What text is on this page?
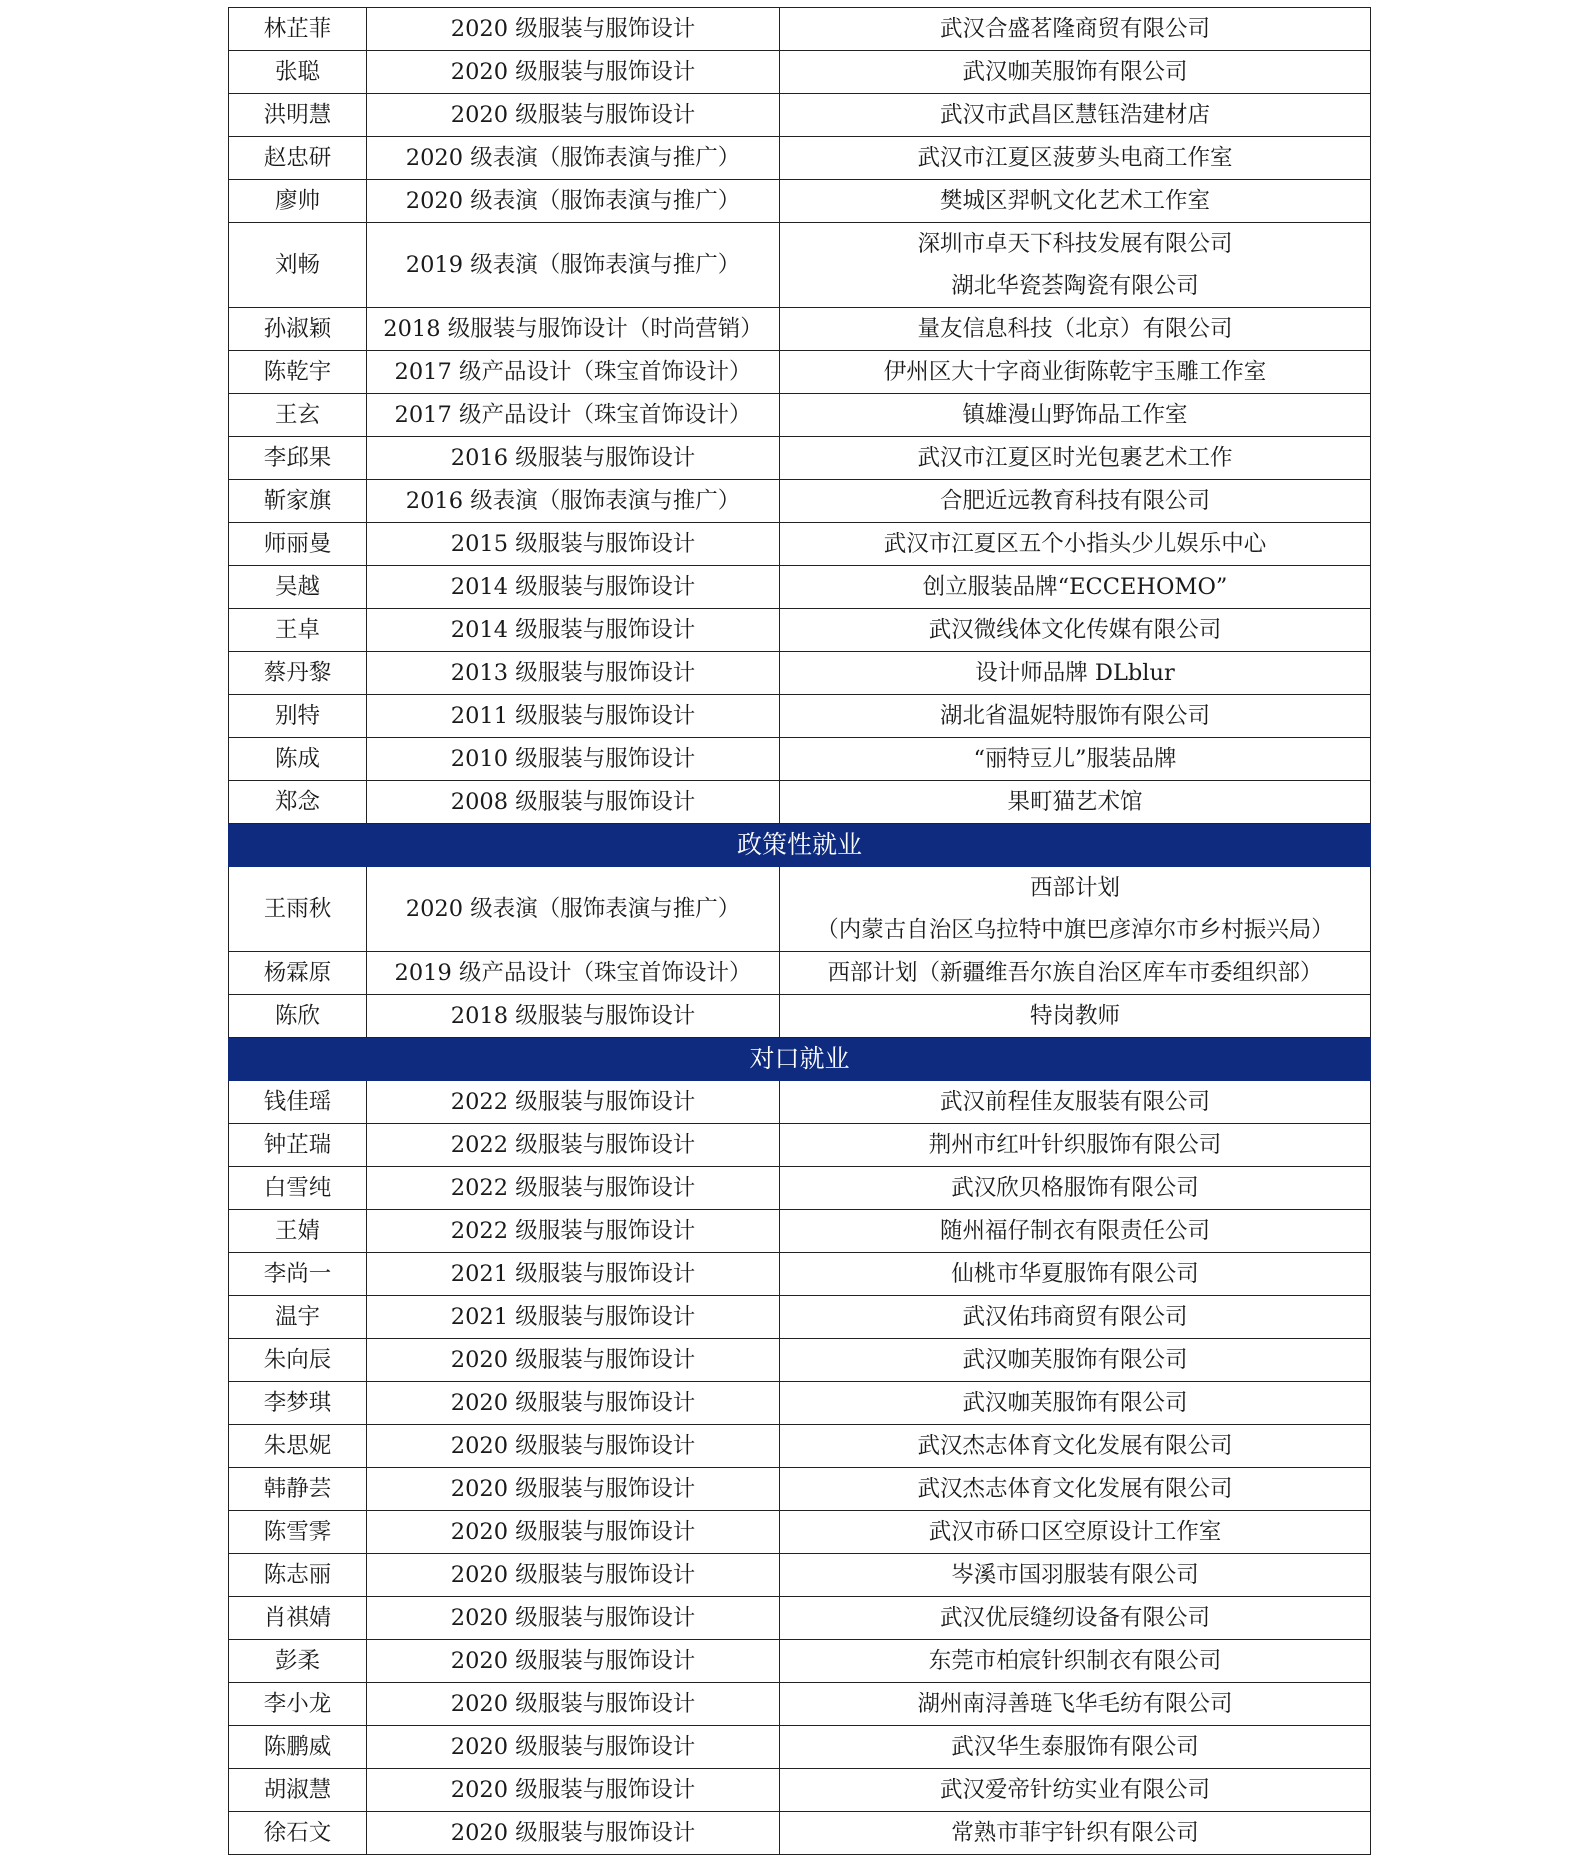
林芷菲	2020 级服装与服饰设计	武汉合盛茗隆商贸有限公司

张聪	2020 级服装与服饰设计	武汉咖芙服饰有限公司

洪明慧	2020 级服装与服饰设计	武汉市武昌区慧钰浩建材店

赵忠研	2020 级表演（服饰表演与推广）	武汉市江夏区菠萝头电商工作室

廖帅	2020 级表演（服饰表演与推广）	樊城区羿帆文化艺术工作室

刘畅	2019 级表演（服饰表演与推广）	深圳市卓天下科技发展有限公司
湖北华瓷荟陶瓷有限公司

孙淑颖	2018 级服装与服饰设计（时尚营销）	量友信息科技（北京）有限公司

陈乾宇	2017 级产品设计（珠宝首饰设计）	伊州区大十字商业街陈乾宇玉雕工作室

王玄	2017 级产品设计（珠宝首饰设计）	镇雄漫山野饰品工作室

李邱果	2016 级服装与服饰设计	武汉市江夏区时光包裹艺术工作

靳家旗	2016 级表演（服饰表演与推广）	合肥近远教育科技有限公司

师丽曼	2015 级服装与服饰设计	武汉市江夏区五个小指头少儿娱乐中心

吴越	2014 级服装与服饰设计	创立服装品牌“ECCEHOMO”

王卓	2014 级服装与服饰设计	武汉微线体文化传媒有限公司

蔡丹黎	2013 级服装与服饰设计	设计师品牌 DLblur

别特	2011 级服装与服饰设计	湖北省温妮特服饰有限公司

陈成	2010 级服装与服饰设计	“丽特豆儿”服装品牌

郑念	2008 级服装与服饰设计	果町猫艺术馆

政策性就业		
王雨秋	2020 级表演（服饰表演与推广）	西部计划
（内蒙古自治区乌拉特中旗巴彦淖尔市乡村振兴局）

杨霖原	2019 级产品设计（珠宝首饰设计）	西部计划（新疆维吾尔族自治区库车市委组织部）

陈欣	2018 级服装与服饰设计	特岗教师

对口就业		
钱佳瑶	2022 级服装与服饰设计	武汉前程佳友服装有限公司

钟芷瑞	2022 级服装与服饰设计	荆州市红叶针织服饰有限公司

白雪纯	2022 级服装与服饰设计	武汉欣贝格服饰有限公司

王婧	2022 级服装与服饰设计	随州福仔制衣有限责任公司

李尚一	2021 级服装与服饰设计	仙桃市华夏服饰有限公司

温宇	2021 级服装与服饰设计	武汉佑玮商贸有限公司

朱向辰	2020 级服装与服饰设计	武汉咖芙服饰有限公司

李梦琪	2020 级服装与服饰设计	武汉咖芙服饰有限公司

朱思妮	2020 级服装与服饰设计	武汉杰志体育文化发展有限公司

韩静芸	2020 级服装与服饰设计	武汉杰志体育文化发展有限公司

陈雪霁	2020 级服装与服饰设计	武汉市硚口区空原设计工作室

陈志丽	2020 级服装与服饰设计	岑溪市国羽服装有限公司

肖祺婧	2020 级服装与服饰设计	武汉优辰缝纫设备有限公司

彭柔	2020 级服装与服饰设计	东莞市柏宸针织制衣有限公司

李小龙	2020 级服装与服饰设计	湖州南浔善琏飞华毛纺有限公司

陈鹏威	2020 级服装与服饰设计	武汉华生泰服饰有限公司

胡淑慧	2020 级服装与服饰设计	武汉爱帝针纺实业有限公司

徐石文	2020 级服装与服饰设计	常熟市菲宇针织有限公司
